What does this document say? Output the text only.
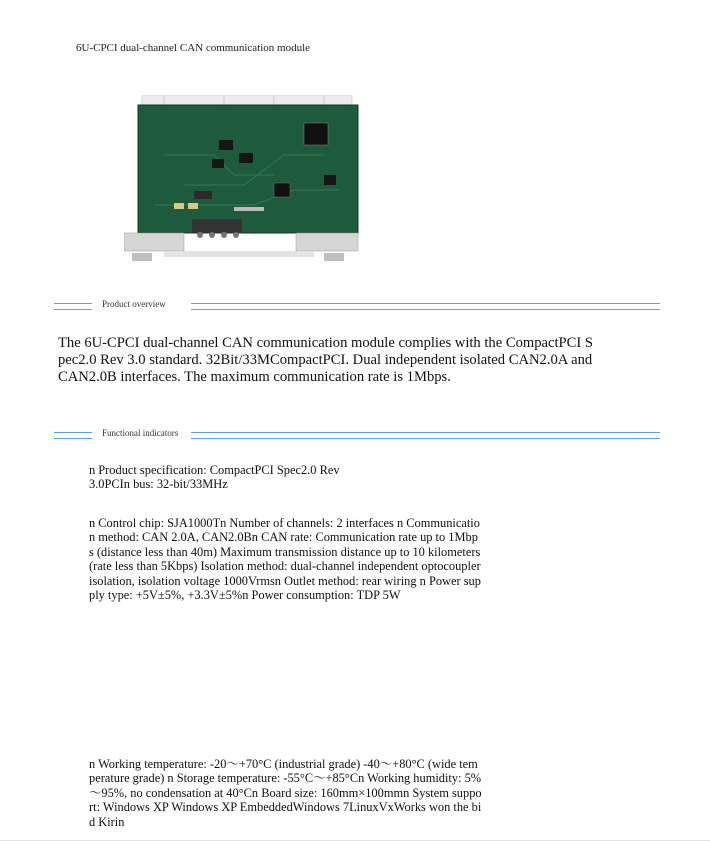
6U-CPCI dual-channel CAN communication module
Product overview
The 6U-CPCI dual-channel CAN communication module complies with the CompactPCI S
pec2.0 Rev 3.0 standard. 32Bit/33MCompactPCI. Dual independent isolated CAN2.0A and
CAN2.0B interfaces. The maximum communication rate is 1Mbps.
Functional indicators

n Product specification: CompactPCI Spec2.0 Rev

3.0PCIn bus: 32-bit/33MHz

n Control chip: SJA1000Tn Number of channels: 2 interfaces n Communicatio

n method: CAN 2.0A, CAN2.0Bn CAN rate: Communication rate up to 1Mbp

s (distance less than 40m) Maximum transmission distance up to 10 kilometers

(rate less than 5Kbps) Isolation method: dual-channel independent optocoupler

isolation, isolation voltage 1000Vrmsn Outlet method: rear wiring n Power sup

ply type: +5V±5%, +3.3V±5%n Power consumption: TDP 5W

n Working temperature: -20～+70°C (industrial grade) -40～+80°C (wide tem

perature grade) n Storage temperature: -55°C～+85°Cn Working humidity: 5%

～95%, no condensation at 40°Cn Board size: 160mm×100mmn System suppo

rt: Windows XP Windows XP EmbeddedWindows 7LinuxVxWorks won the bi

d Kirin
